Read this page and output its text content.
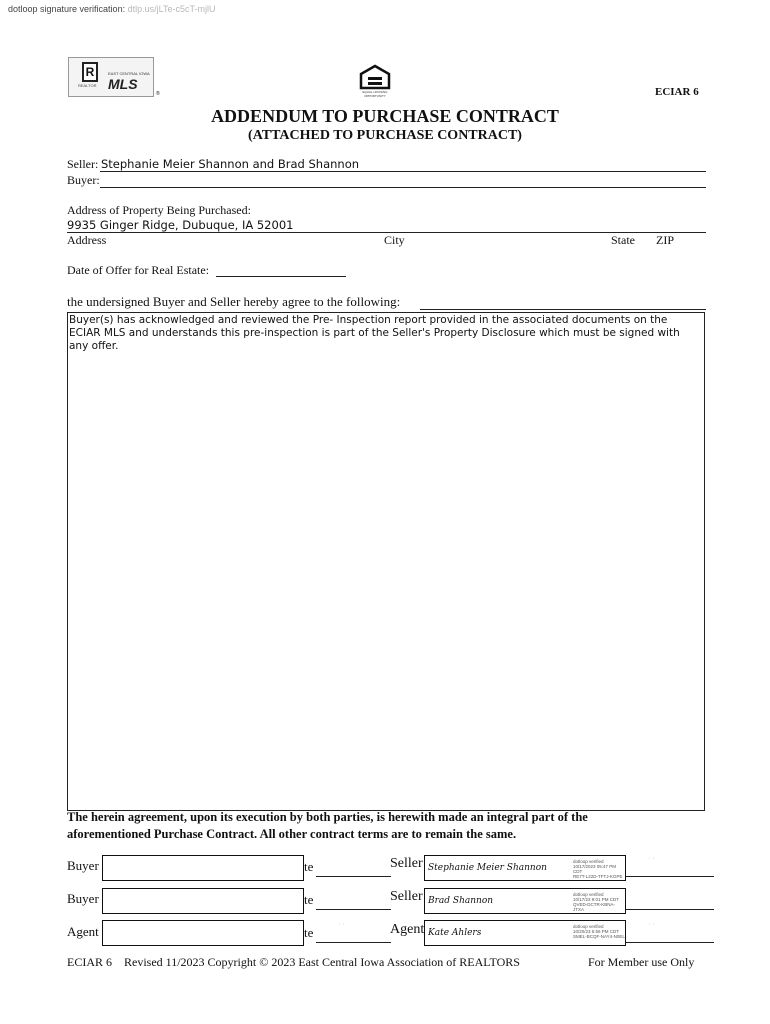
dotloop signature verification: dtlp.us/jLTe-c5cT-mjlU
R
REALTOR
EAST CENTRAL IOWA
MLS
®	EQUAL HOUSING OPPORTUNITY	ECIAR 6
ADDENDUM TO PURCHASE CONTRACT
(ATTACHED TO PURCHASE CONTRACT)
Seller: Stephanie Meier Shannon and Brad Shannon
Buyer:
Address of Property Being Purchased:
9935 Ginger Ridge, Dubuque, IA 52001
Address	City	State ZIP
Date of Offer for Real Estate:
the undersigned Buyer and Seller hereby agree to the following:
Buyer(s) has acknowledged and reviewed the Pre- Inspection report provided in the associated documents on the ECIAR MLS and understands this pre-inspection is part of the Seller's Property Disclosure which must be signed with any offer.
The herein agreement, upon its execution by both parties, is herewith made an integral part of the aforementioned Purchase Contract. All other contract terms are to remain the same.
Buyer	te	Seller Stephanie Meier Shannon
dotloop verified
10/17/2023 05:47 PM CDT
RE7T-L22D-TFTJ-KGPE
· ·
Buyer	te	Seller Brad Shannon
dotloop verified
10/17/23 9:01 PM CDT
QVED-DCTR-KBNA-JTXA
Agent	te
· ·	Agent Kate Ahlers
dotloop verified
10/20/23 5:56 PM CDT
SMEL-BCQF-NAY4-N0EL
· ·
ECIAR 6    Revised 11/2023 Copyright © 2023 East Central Iowa Association of REALTORS	For Member use Only
